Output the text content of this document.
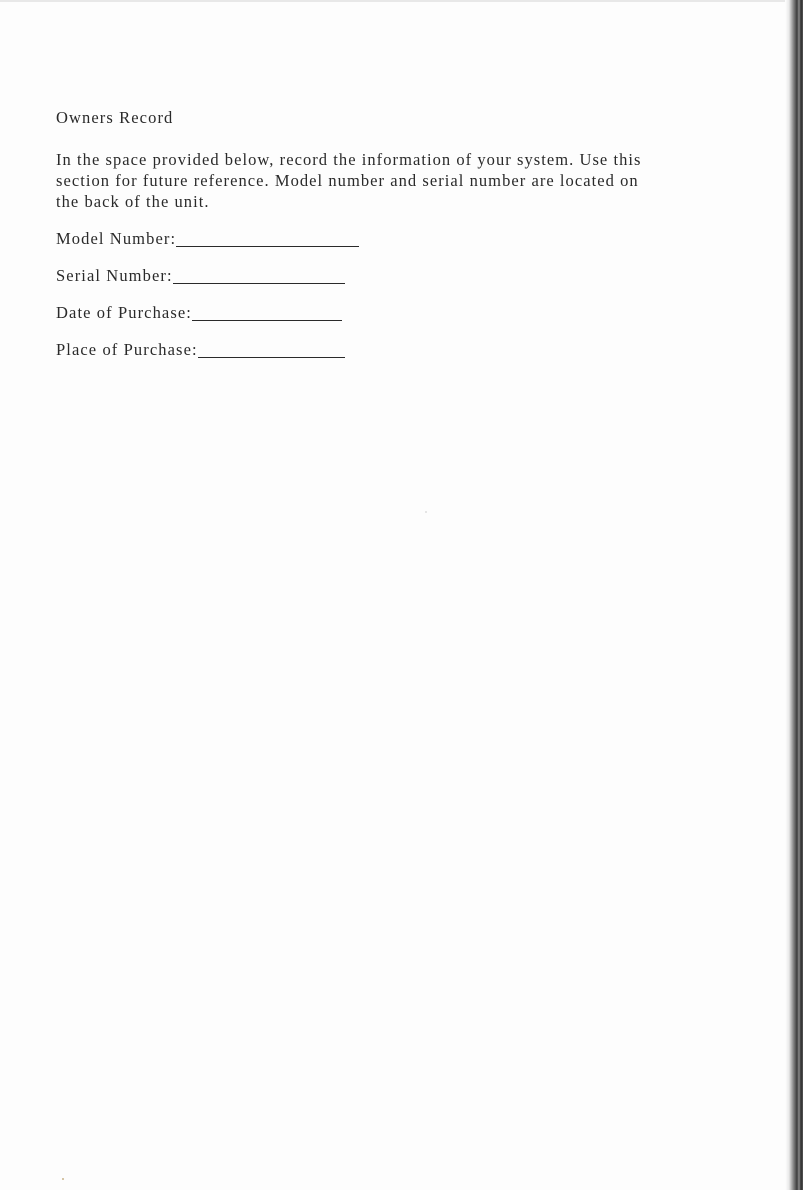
Owners Record

In the space provided below, record the information of your system. Use this section for future reference. Model number and serial number are located on the back of the unit.

Model Number:
Serial Number:
Date of Purchase:
Place of Purchase:
